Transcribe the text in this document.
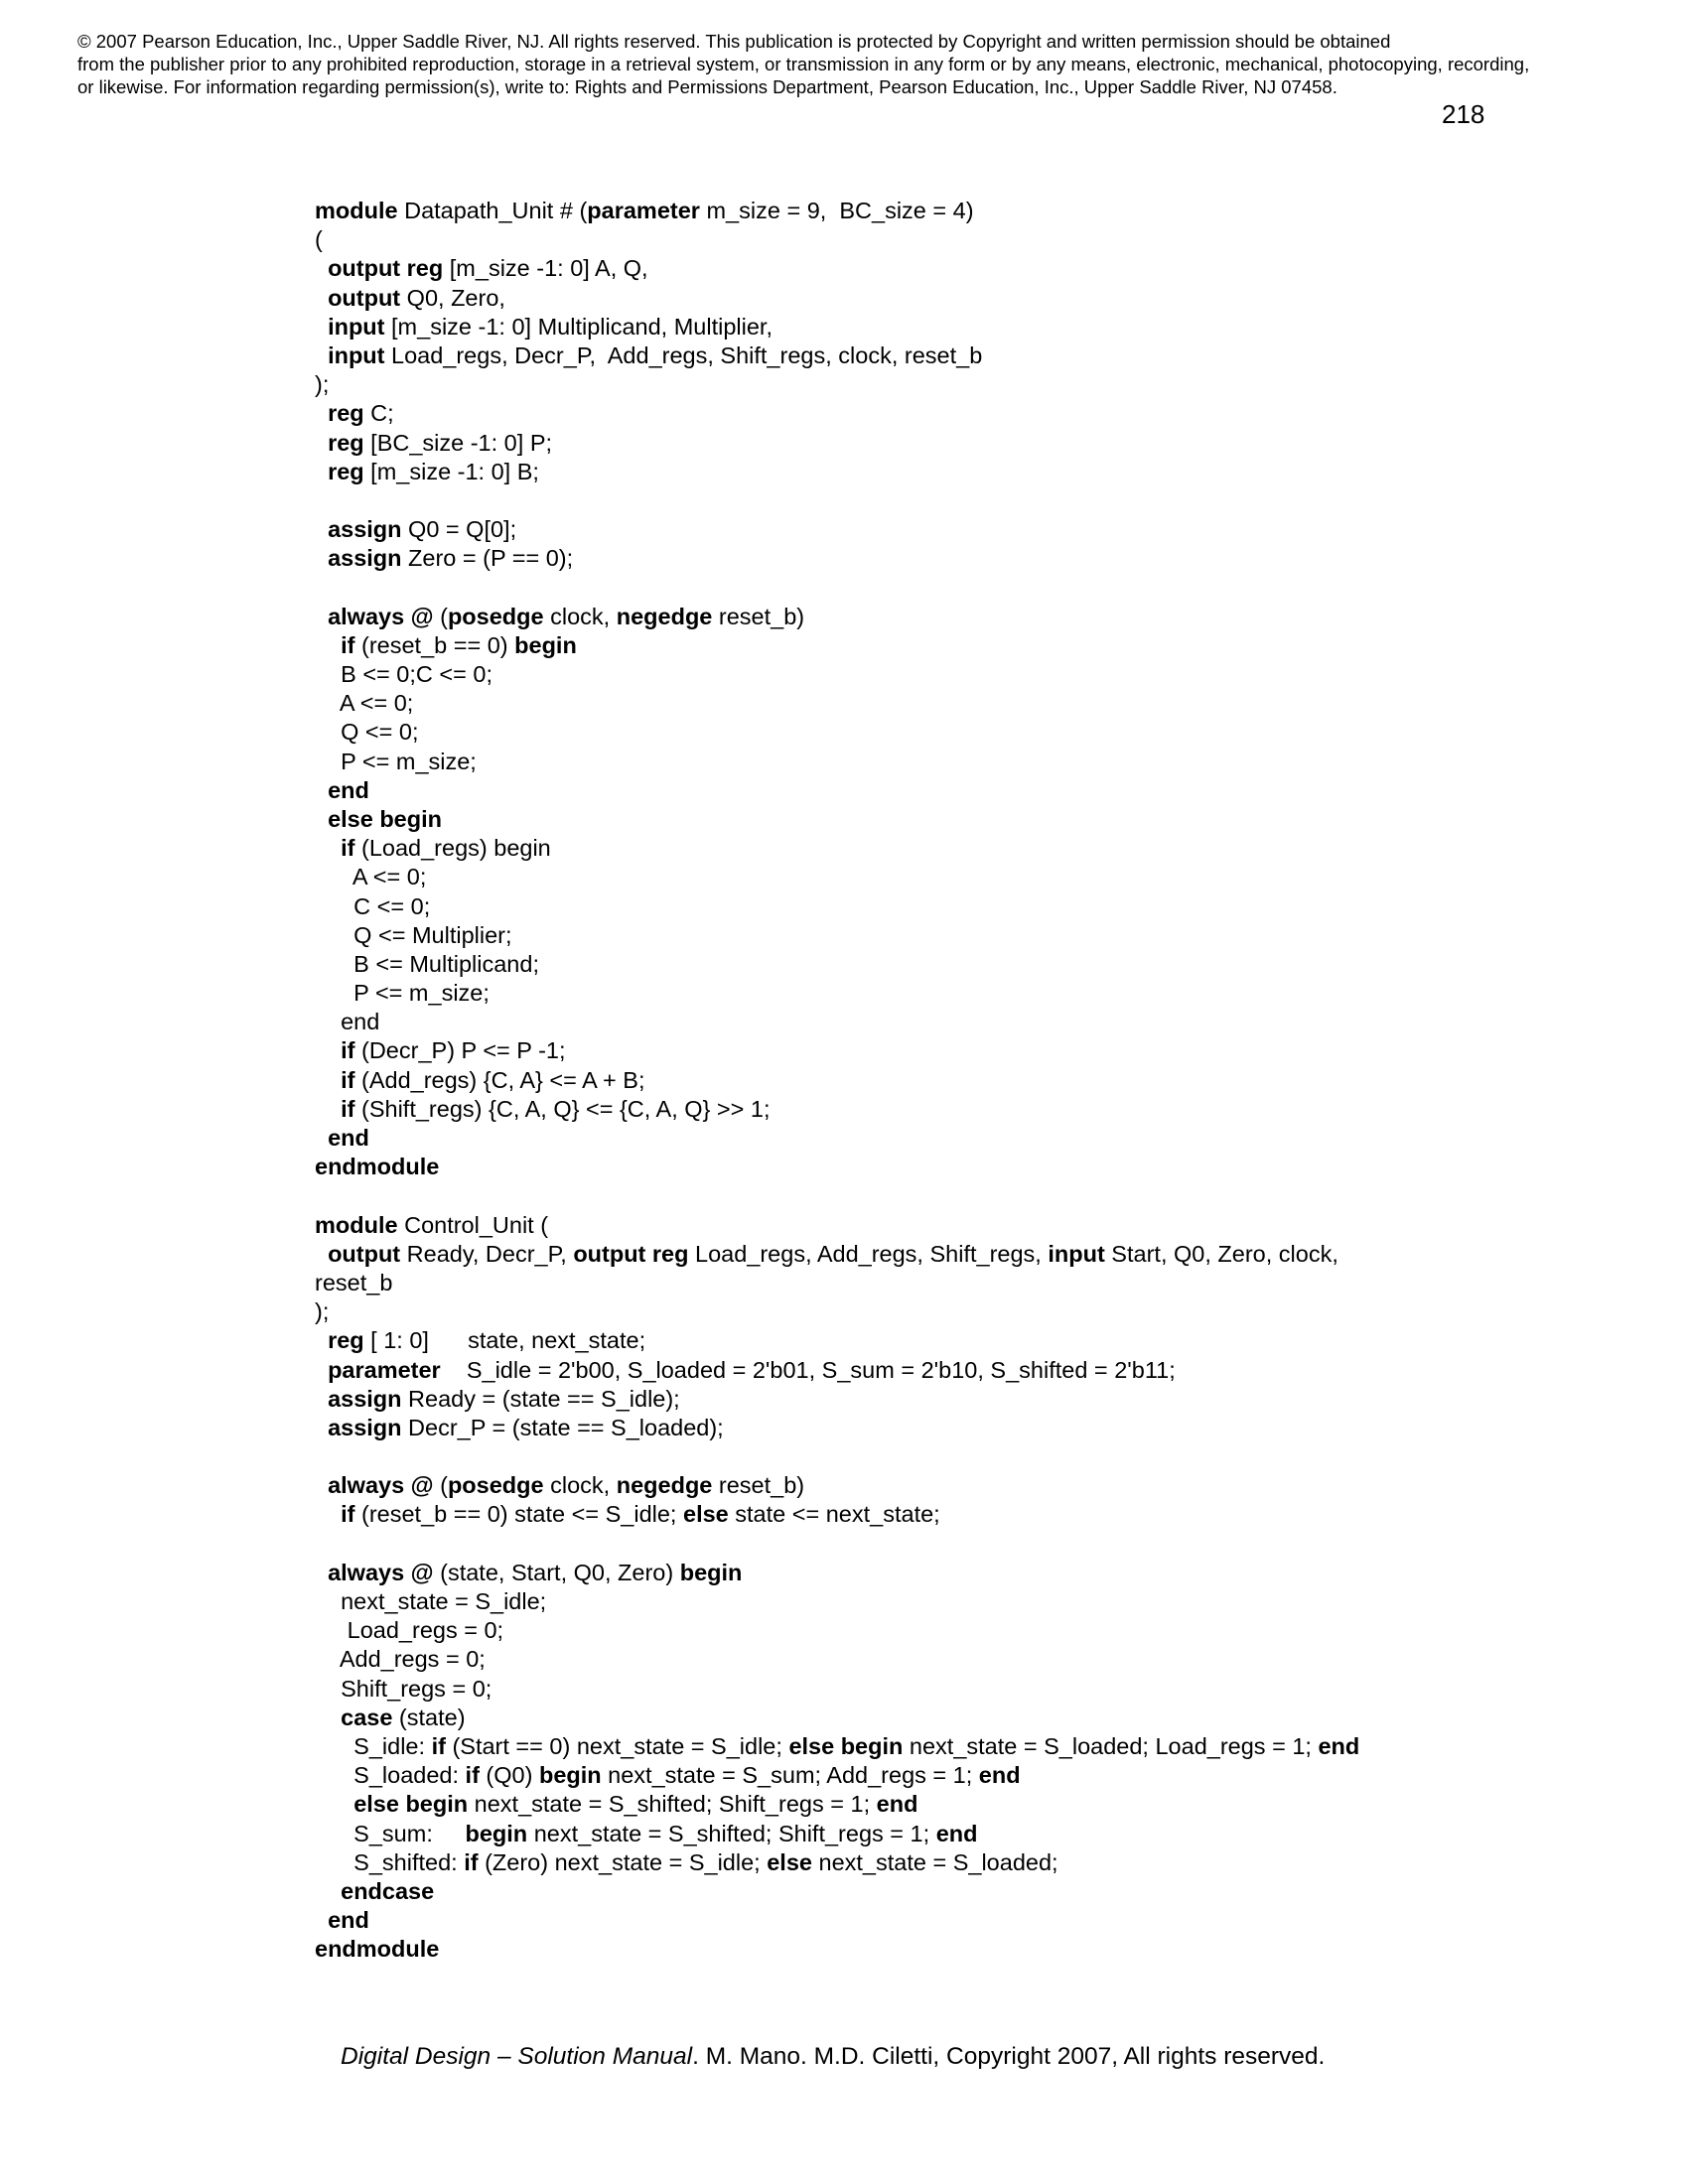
© 2007 Pearson Education, Inc., Upper Saddle River, NJ. All rights reserved. This publication is protected by Copyright and written permission should be obtained
from the publisher prior to any prohibited reproduction, storage in a retrieval system, or transmission in any form or by any means, electronic, mechanical, photocopying, recording,
or likewise. For information regarding permission(s), write to: Rights and Permissions Department, Pearson Education, Inc., Upper Saddle River, NJ 07458.
218
module Datapath_Unit # (parameter m_size = 9,  BC_size = 4)
(
output reg [m_size -1: 0] A, Q,
output Q0, Zero,
input [m_size -1: 0] Multiplicand, Multiplier,
input Load_regs, Decr_P,  Add_regs, Shift_regs, clock, reset_b
);
reg C;
reg [BC_size -1: 0] P;
reg [m_size -1: 0] B;
assign Q0 = Q[0];
assign Zero = (P == 0);
always @ (posedge clock, negedge reset_b)
if (reset_b == 0) begin
B <= 0;C <= 0;
A <= 0;
Q <= 0;
P <= m_size;
end
else begin
if (Load_regs) begin
A <= 0;
C <= 0;
Q <= Multiplier;
B <= Multiplicand;
P <= m_size;
end
if (Decr_P) P <= P -1;
if (Add_regs) {C, A} <= A + B;
if (Shift_regs) {C, A, Q} <= {C, A, Q} >> 1;
end
endmodule
module Control_Unit (
output Ready, Decr_P, output reg Load_regs, Add_regs, Shift_regs, input Start, Q0, Zero, clock,
reset_b
);
reg [ 1: 0]      state, next_state;
parameter    S_idle = 2'b00, S_loaded = 2'b01, S_sum = 2'b10, S_shifted = 2'b11;
assign Ready = (state == S_idle);
assign Decr_P = (state == S_loaded);
always @ (posedge clock, negedge reset_b)
if (reset_b == 0) state <= S_idle; else state <= next_state;
always @ (state, Start, Q0, Zero) begin
next_state = S_idle;
Load_regs = 0;
Add_regs = 0;
Shift_regs = 0;
case (state)
S_idle: if (Start == 0) next_state = S_idle; else begin next_state = S_loaded; Load_regs = 1; end
S_loaded: if (Q0) begin next_state = S_sum; Add_regs = 1; end
else begin next_state = S_shifted; Shift_regs = 1; end
S_sum:     begin next_state = S_shifted; Shift_regs = 1; end
S_shifted: if (Zero) next_state = S_idle; else next_state = S_loaded;
endcase
end
endmodule
Digital Design – Solution Manual. M. Mano. M.D. Ciletti, Copyright 2007, All rights reserved.
